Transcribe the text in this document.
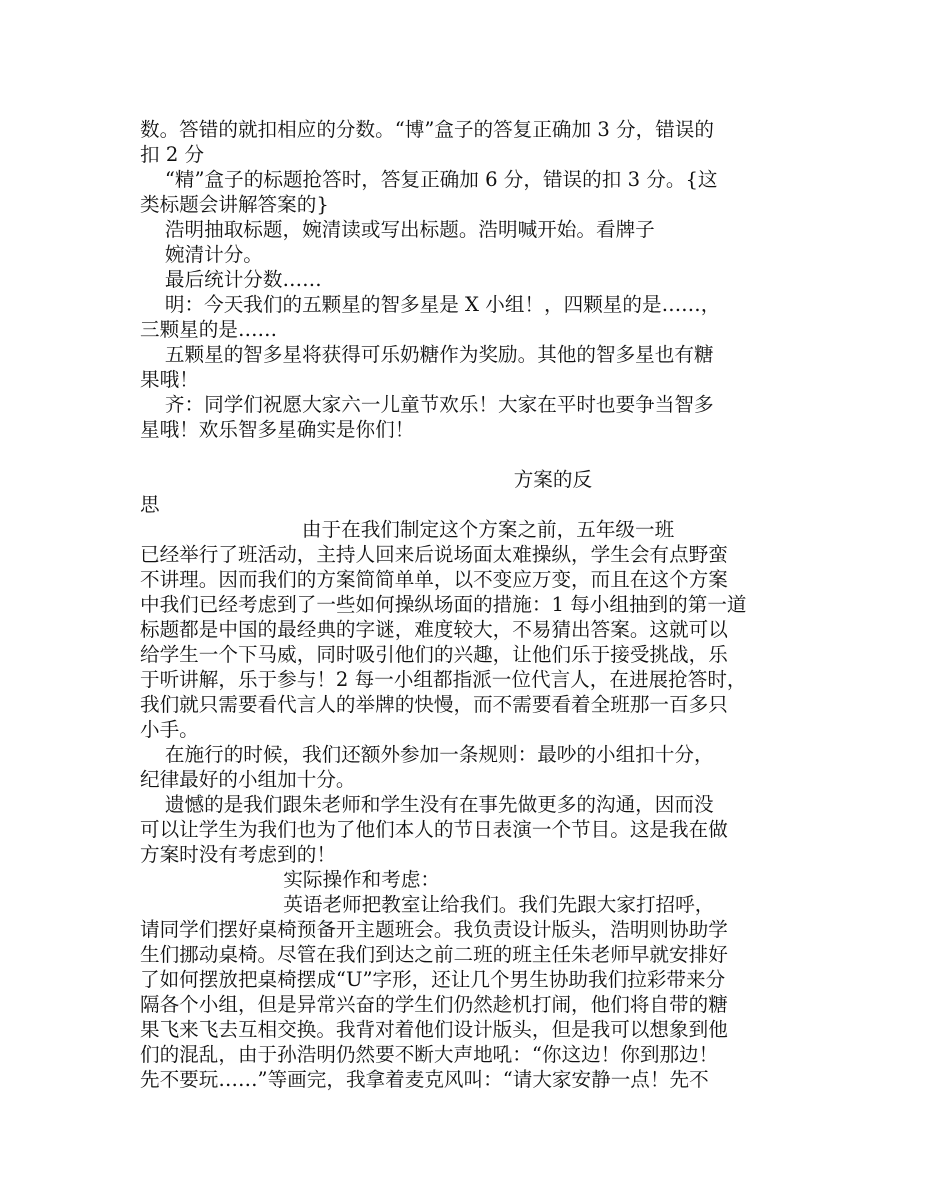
数。答错的就扣相应的分数。“博”盒子的答复正确加 3 分，错误的

扣 2 分

“精”盒子的标题抢答时，答复正确加 6 分，错误的扣 3 分。{这

类标题会讲解答案的}

浩明抽取标题，婉清读或写出标题。浩明喊开始。看牌子

婉清计分。

最后统计分数……

明：今天我们的五颗星的智多星是 X 小组！，四颗星的是……，

三颗星的是……

五颗星的智多星将获得可乐奶糖作为奖励。其他的智多星也有糖

果哦！

齐：同学们祝愿大家六一儿童节欢乐！大家在平时也要争当智多

星哦！欢乐智多星确实是你们！

方案的反

思

由于在我们制定这个方案之前，五年级一班

已经举行了班活动，主持人回来后说场面太难操纵，学生会有点野蛮

不讲理。因而我们的方案简简单单，以不变应万变，而且在这个方案

中我们已经考虑到了一些如何操纵场面的措施：1 每小组抽到的第一道

标题都是中国的最经典的字谜，难度较大，不易猜出答案。这就可以

给学生一个下马威，同时吸引他们的兴趣，让他们乐于接受挑战，乐

于听讲解，乐于参与！2 每一小组都指派一位代言人，在进展抢答时，

我们就只需要看代言人的举牌的快慢，而不需要看着全班那一百多只

小手。

在施行的时候，我们还额外参加一条规则：最吵的小组扣十分，

纪律最好的小组加十分。

遗憾的是我们跟朱老师和学生没有在事先做更多的沟通，因而没

可以让学生为我们也为了他们本人的节日表演一个节目。这是我在做

方案时没有考虑到的！

实际操作和考虑：

英语老师把教室让给我们。我们先跟大家打招呼，

请同学们摆好桌椅预备开主题班会。我负责设计版头，浩明则协助学

生们挪动桌椅。尽管在我们到达之前二班的班主任朱老师早就安排好

了如何摆放把桌椅摆成“U”字形，还让几个男生协助我们拉彩带来分

隔各个小组，但是异常兴奋的学生们仍然趁机打闹，他们将自带的糖

果飞来飞去互相交换。我背对着他们设计版头，但是我可以想象到他

们的混乱，由于孙浩明仍然要不断大声地吼：“你这边！你到那边！

先不要玩……”等画完，我拿着麦克风叫：“请大家安静一点！先不
